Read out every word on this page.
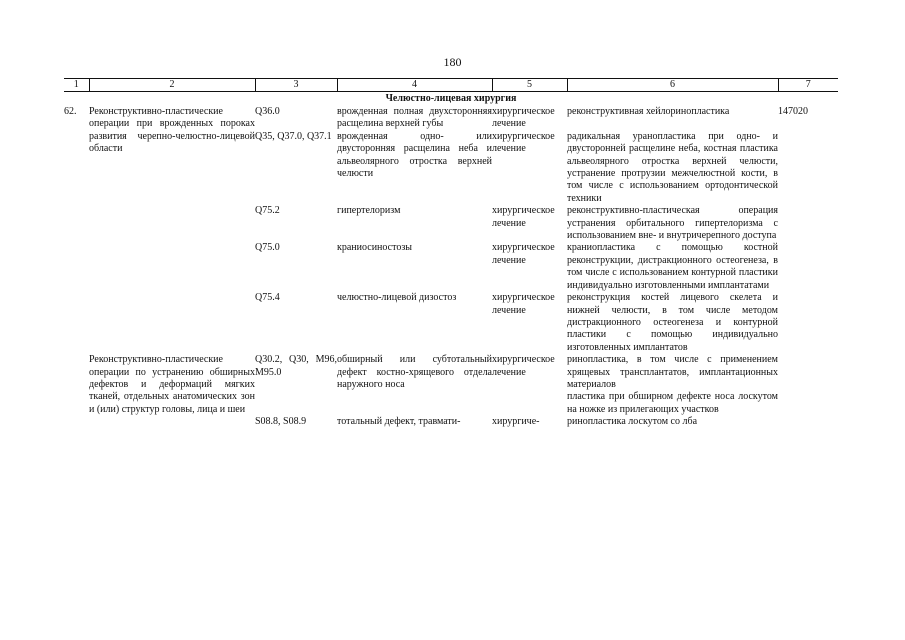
180
1	2	3	4	5	6	7
Челюстно-лицевая хирургия						
62.	Реконструктивно-пластические операции при врожденных пороках развития черепно-челюстно-лицевой области	Q36.0	врожденная полная двухсторонняя расщелина верхней губы	хирургическое лечение	реконструктивная хейлоринопластика	147020
		Q35, Q37.0, Q37.1	врожденная одно- или двусторонняя расщелина неба и альвеолярного отростка верхней челюсти	хирургическое лечение	радикальная уранопластика при одно- и двусторонней расщелине неба, костная пластика альвеолярного отростка верхней челюсти, устранение протрузии межчелюстной кости, в том числе с использованием ортодонтической техники	
		Q75.2	гипертелоризм	хирургическое лечение	реконструктивно-пластическая операция устранения орбитального гипертелоризма с использованием вне- и внутричерепного доступа	
		Q75.0	краниосиностозы	хирургическое лечение	краниопластика с помощью костной реконструкции, дистракционного остеогенеза, в том числе с использованием контурной пластики индивидуально изготовленными имплантатами	
		Q75.4	челюстно-лицевой дизостоз	хирургическое лечение	реконструкция костей лицевого скелета и нижней челюсти, в том числе методом дистракционного остеогенеза и контурной пластики с помощью индивидуально изготовленных имплантатов	
	Реконструктивно-пластические операции по устранению обширных дефектов и деформаций мягких тканей, отдельных анатомических зон и (или) структур головы, лица и шеи	Q30.2, Q30, M96, M95.0	обширный или субтотальный дефект костно-хрящевого отдела наружного носа	хирургическое лечение	ринопластика, в том числе с применением хрящевых трансплантатов, имплантационных материалов
пластика при обширном дефекте носа лоскутом на ножке из прилегающих участков	

		S08.8, S08.9	тотальный дефект, травмати-	хирургиче-	ринопластика лоскутом со лба	
